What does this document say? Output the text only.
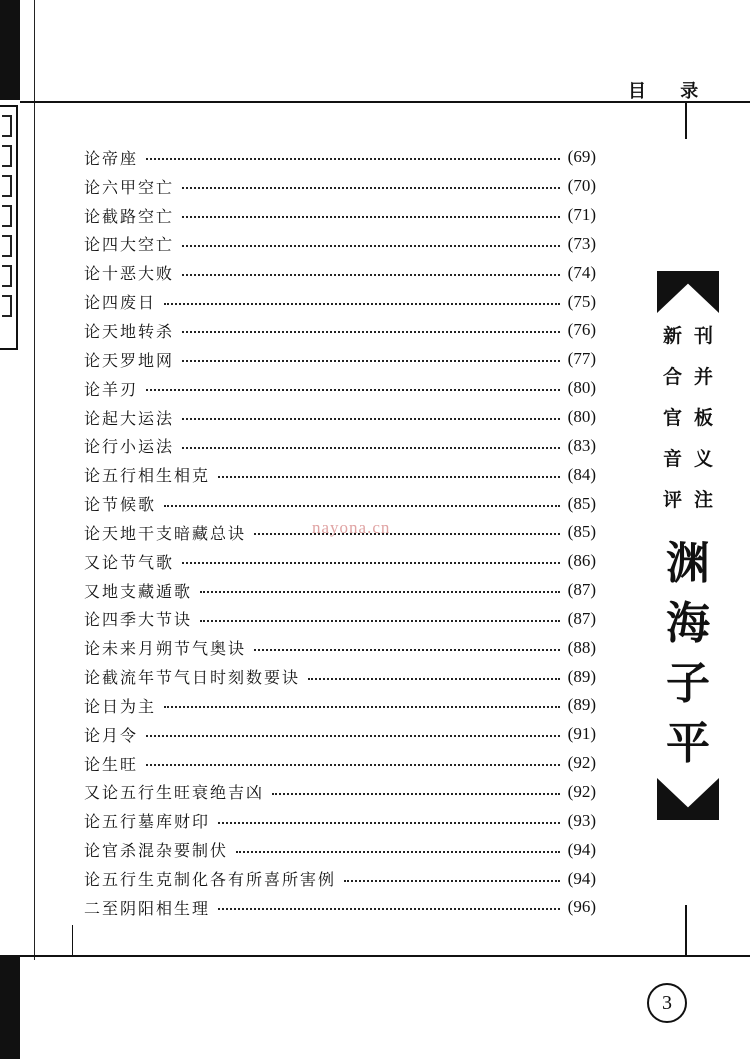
目 录
论帝座	(69)
论六甲空亡	(70)
论截路空亡	(71)
论四大空亡	(73)
论十恶大败	(74)
论四废日	(75)
论天地转杀	(76)
论天罗地网	(77)
论羊刃	(80)
论起大运法	(80)
论行小运法	(83)
论五行相生相克	(84)
论节候歌	(85)
论天地干支暗藏总诀	(85)
又论节气歌	(86)
又地支藏遁歌	(87)
论四季大节诀	(87)
论未来月朔节气奥诀	(88)
论截流年节气日时刻数要诀	(89)
论日为主	(89)
论月令	(91)
论生旺	(92)
又论五行生旺衰绝吉凶	(92)
论五行墓库财印	(93)
论官杀混杂要制伏	(94)
论五行生克制化各有所喜所害例	(94)
二至阴阳相生理	(96)
nayona.cn
新 刊
合 并
官 板
音 义
评 注
渊
海
子
平
3
